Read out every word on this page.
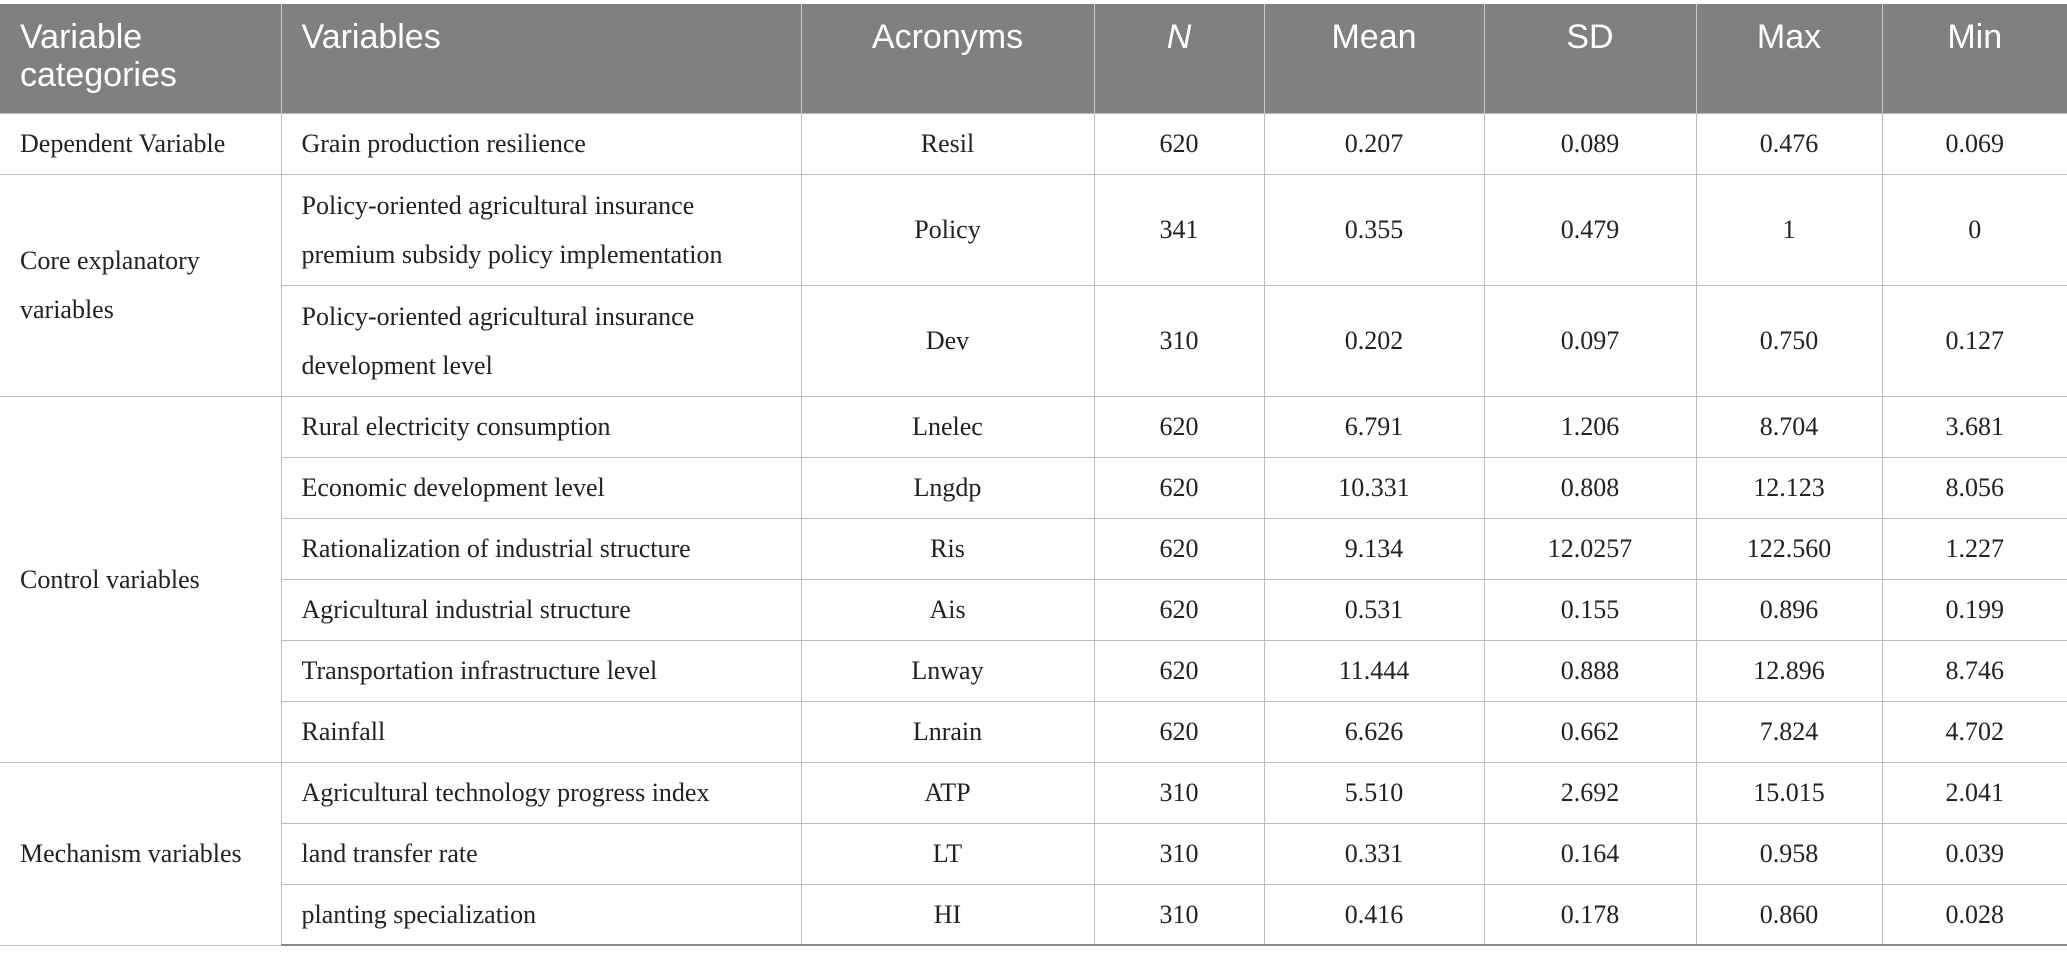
Variable categories	Variables	Acronyms	N	Mean	SD	Max	Min
Dependent Variable	Grain production resilience	Resil	620	0.207	0.089	0.476	0.069
Core explanatory variables	Policy-oriented agricultural insurance premium subsidy policy implementation	Policy	341	0.355	0.479	1	0
	Policy-oriented agricultural insurance development level	Dev	310	0.202	0.097	0.750	0.127
Control variables	Rural electricity consumption	Lnelec	620	6.791	1.206	8.704	3.681
	Economic development level	Lngdp	620	10.331	0.808	12.123	8.056
	Rationalization of industrial structure	Ris	620	9.134	12.0257	122.560	1.227
	Agricultural industrial structure	Ais	620	0.531	0.155	0.896	0.199
	Transportation infrastructure level	Lnway	620	11.444	0.888	12.896	8.746
	Rainfall	Lnrain	620	6.626	0.662	7.824	4.702
Mechanism variables	Agricultural technology progress index	ATP	310	5.510	2.692	15.015	2.041
	land transfer rate	LT	310	0.331	0.164	0.958	0.039
	planting specialization	HI	310	0.416	0.178	0.860	0.028
